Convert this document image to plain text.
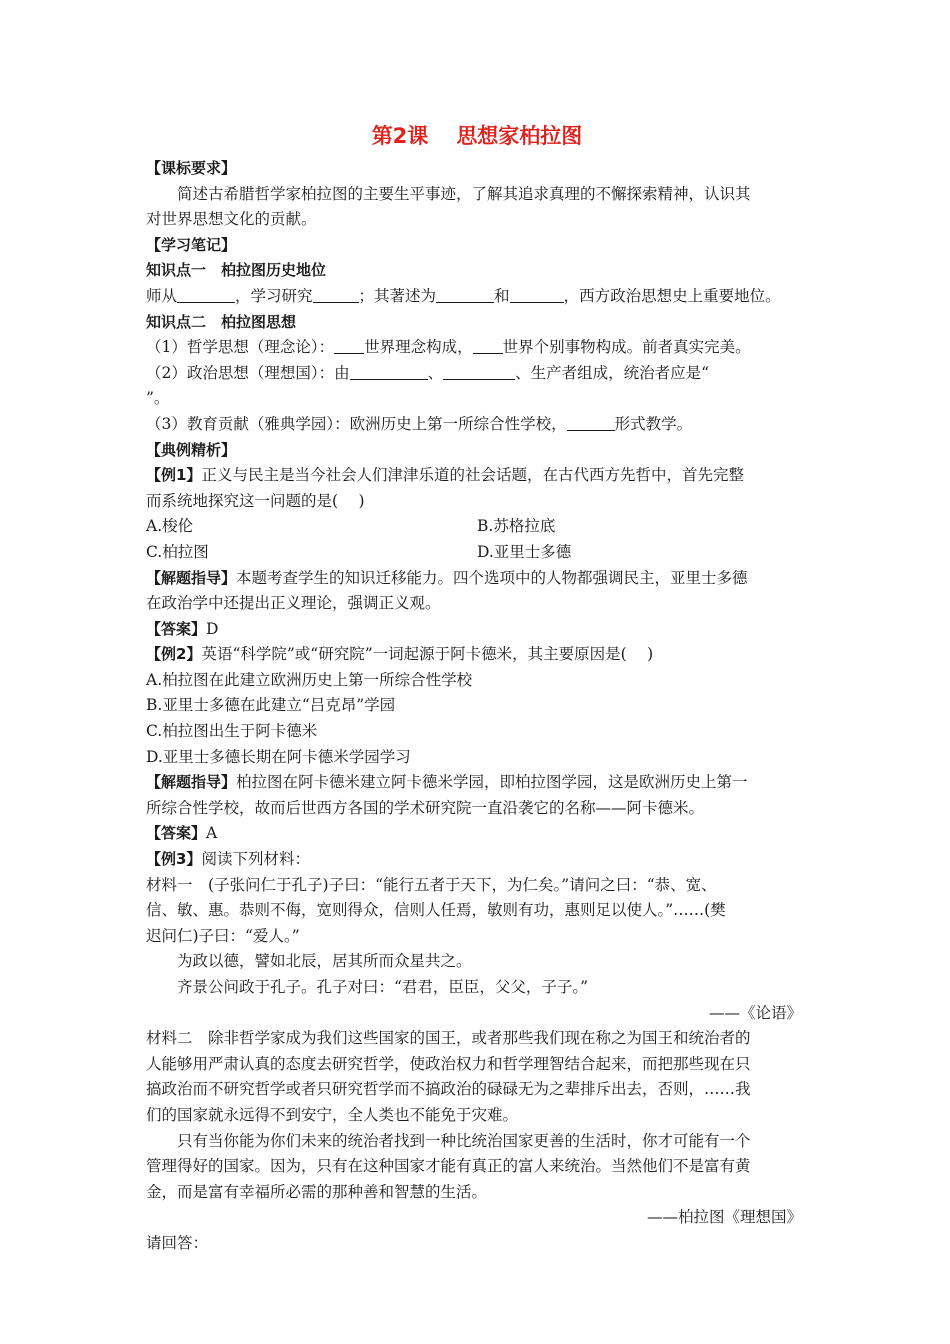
第2课 思想家柏拉图
【课标要求】
简述古希腊哲学家柏拉图的主要生平事迹，了解其追求真理的不懈探索精神，认识其
对世界思想文化的贡献。
【学习笔记】
知识点一　柏拉图历史地位
师从	，学习研究	；其著述为	和	，西方政治思想史上重要地位。
知识点二　柏拉图思想
（1）哲学思想（理念论）： 世界理念构成， 世界个别事物构成。前者真实完美。
（2）政治思想（理想国）：由	、	、生产者组成，统治者应是“
”。
（3）教育贡献（雅典学园）：欧洲历史上第一所综合性学校，	形式教学。
【典例精析】
【例1】正义与民主是当今社会人们津津乐道的社会话题，在古代西方先哲中，首先完整
而系统地探究这一问题的是(　 )
A.梭伦	B.苏格拉底
C.柏拉图	D.亚里士多德
【解题指导】本题考查学生的知识迁移能力。四个选项中的人物都强调民主，亚里士多德
在政治学中还提出正义理论，强调正义观。
【答案】D
【例2】英语“科学院”或“研究院”一词起源于阿卡德米，其主要原因是(　 )
A.柏拉图在此建立欧洲历史上第一所综合性学校
B.亚里士多德在此建立“吕克昂”学园
C.柏拉图出生于阿卡德米
D.亚里士多德长期在阿卡德米学园学习
【解题指导】柏拉图在阿卡德米建立阿卡德米学园，即柏拉图学园，这是欧洲历史上第一
所综合性学校，故而后世西方各国的学术研究院一直沿袭它的名称——阿卡德米。
【答案】A
【例3】阅读下列材料：
材料一　(子张问仁于孔子)子曰：“能行五者于天下，为仁矣。”请问之曰：“恭、宽、
信、敏、惠。恭则不侮，宽则得众，信则人任焉，敏则有功，惠则足以使人。”……(樊
迟问仁)子曰：“爱人。”
为政以德，譬如北辰，居其所而众星共之。
齐景公问政于孔子。孔子对曰：“君君，臣臣，父父，子子。”
——《论语》
材料二　除非哲学家成为我们这些国家的国王，或者那些我们现在称之为国王和统治者的
人能够用严肃认真的态度去研究哲学，使政治权力和哲学理智结合起来，而把那些现在只
搞政治而不研究哲学或者只研究哲学而不搞政治的碌碌无为之辈排斥出去，否则，……我
们的国家就永远得不到安宁，全人类也不能免于灾难。
只有当你能为你们未来的统治者找到一种比统治国家更善的生活时，你才可能有一个
管理得好的国家。因为，只有在这种国家才能有真正的富人来统治。当然他们不是富有黄
金，而是富有幸福所必需的那种善和智慧的生活。
——柏拉图《理想国》
请回答：
